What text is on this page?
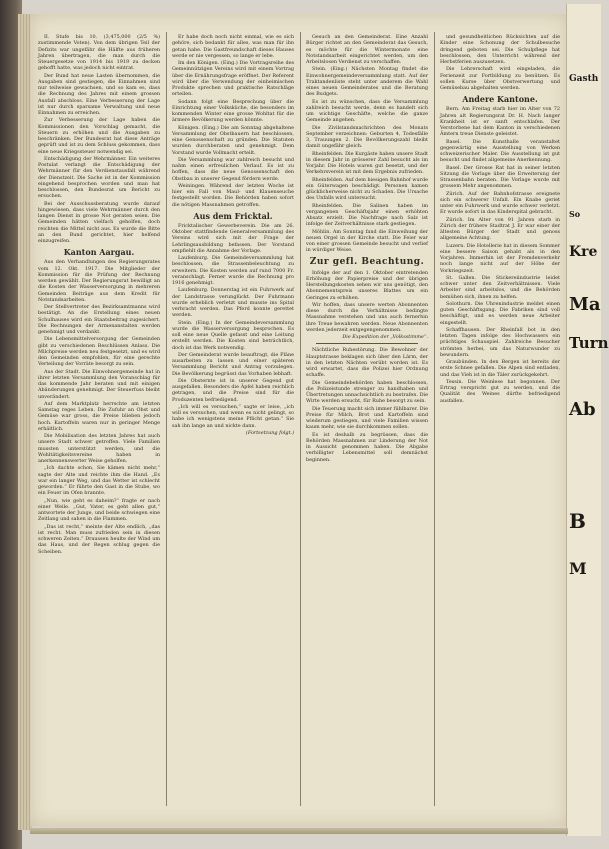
II. Stufe bis 10. (3,475,000 (2/5 %) zustimmende Voten). Von dem übrigen Teil der Defizits war ungefähr die Hälfte aus früheren Jahren übertragen, die man durch die Steuergesetze von 1914 bis 1919 zu decken gehofft hatte, was jedoch nicht eintrat.

Der Bund hat neue Lasten übernommen, die Ausgaben sind gestiegen, die Einnahmen sind nur teilweise gewachsen, und so kam es, dass die Rechnung des Jahres mit einem grossen Ausfall abschloss. Eine Verbesserung der Lage ist nur durch sparsame Verwaltung und neue Einnahmen zu erreichen.

Zur Verbesserung der Lage haben die Kommissionen den Vorschlag gemacht, die Steuern zu erhöhen und die Ausgaben zu beschränken. Der Bundesrat hat diese Anträge geprüft und ist zu dem Schluss gekommen, dass eine neue Kriegssteuer notwendig sei.

Entschädigung der Wehrmänner. Ein weiteres Postulat verlangt die Entschädigung der Wehrmänner für den Verdienstausfall während der Dienstzeit. Die Sache ist in der Kommission eingehend besprochen worden und man hat beschlossen, den Bundesrat um Bericht zu ersuchen.

Bei der Ausschussberatung wurde darauf hingewiesen, dass viele Wehrmänner durch den langen Dienst in grosse Not geraten seien. Die Gemeinden hätten vielfach geholfen, doch reichten die Mittel nicht aus. Es wurde die Bitte an den Bund gerichtet, hier helfend einzugreifen.

Kanton Aargau.

Aus den Verhandlungen des Regierungsrates vom 12. Okt. 1917. Die Mitglieder der Kommission für die Prüfung der Rechnung werden gewählt. Der Regierungsrat bewilligt an die Kosten der Wasserversorgung in mehreren Gemeinden Beiträge aus dem Kredit für Notstandsarbeiten.

Der Stellvertreter des Bezirksamtmanns wird bestätigt. An die Erstellung eines neuen Schulhauses wird ein Staatsbeitrag zugesichert. Die Rechnungen der Armenanstalten werden genehmigt und verdankt.

Die Lebensmittelversorgung der Gemeinden gibt zu verschiedenen Beschlüssen Anlass. Die Milchpreise werden neu festgesetzt, und es wird den Gemeinden empfohlen, für eine gerechte Verteilung der Vorräte besorgt zu sein.

Aus der Stadt. Die Einwohnergemeinde hat in ihrer letzten Versammlung den Voranschlag für das kommende Jahr beraten und mit einigen Abänderungen genehmigt. Der Steuerfuss bleibt unverändert.

Auf dem Marktplatz herrschte am letzten Samstag reges Leben. Die Zufuhr an Obst und Gemüse war gross, die Preise blieben jedoch hoch. Kartoffeln waren nur in geringer Menge erhältlich.

Die Mobilisation des letzten Jahres hat auch unsere Stadt schwer getroffen. Viele Familien mussten unterstützt werden, und die Wohltätigkeitsvereine haben in anerkennenswerter Weise geholfen.

„Ich dachte schon, Sie kämen nicht mehr,“ sagte der Alte und reichte ihm die Hand. „Es war ein langer Weg, und das Wetter ist schlecht geworden.“ Er führte den Gast in die Stube, wo ein Feuer im Ofen brannte.

„Nun, wie geht es daheim?“ fragte er nach einer Weile. „Gut, Vater, es geht allen gut,“ antwortete der Junge, und beide schwiegen eine Zeitlang und sahen in die Flammen.

„Das ist recht,“ meinte der Alte endlich, „das ist recht. Man muss zufrieden sein in diesen schweren Zeiten.“ Draussen heulte der Wind um das Haus, und der Regen schlug gegen die Scheiben.

Er habe doch noch nicht einmal, wie es sich gehöre, sich bedankt für alles, was man für ihn getan habe. Die Gastfreundschaft dieses Hauses werde er nie vergessen, so lange er lebe.

Im den Königen. (Eing.) Die Vortragsreihe des Gemeinnützigen Vereins wird mit einem Vortrag über die Ernährungsfrage eröffnet. Der Referent wird über die Verwendung der einheimischen Produkte sprechen und praktische Ratschläge erteilen.

Sodann folgt eine Besprechung über die Einrichtung einer Volksküche, die besonders im kommenden Winter eine grosse Wohltat für die ärmere Bevölkerung werden könnte.

Königen. (Eing.) Die am Sonntag abgehaltene Versammlung der Obstbauern hat beschlossen, eine Genossenschaft zu gründen. Die Statuten wurden durchberaten und genehmigt. Dem Vorstand wurde Vollmacht erteilt.

Die Versammlung war zahlreich besucht und nahm einen erfreulichen Verlauf. Es ist zu hoffen, dass die neue Genossenschaft den Obstbau in unserer Gegend fördern werde.

Weiningen. Während der letzten Woche ist hier ein Fall von Maul- und Klauenseuche festgestellt worden. Die Behörden haben sofort die nötigen Massnahmen getroffen.

Aus dem Fricktal.

Fricktalischer Gewerbeverein. Die am 26. Oktober stattfindende Generalversammlung des Vereins wird sich mit der Frage der Lehrlingsausbildung befassen. Der Vorstand empfiehlt die Annahme der Vorlage.

Laufenburg. Die Gemeindeversammlung hat beschlossen, die Strassenbeleuchtung zu erweitern. Die Kosten werden auf rund 7000 Fr. veranschlagt. Ferner wurde die Rechnung pro 1916 genehmigt.

Laufenburg. Donnerstag ist ein Fuhrwerk auf der Landstrasse verunglückt. Der Fuhrmann wurde erheblich verletzt und musste ins Spital verbracht werden. Das Pferd konnte gerettet werden.

Stein. (Eing.) In der Gemeindeversammlung wurde die Wasserversorgung besprochen. Es soll eine neue Quelle gefasst und eine Leitung erstellt werden. Die Kosten sind beträchtlich, doch ist das Werk notwendig.

Der Gemeinderat wurde beauftragt, die Pläne ausarbeiten zu lassen und einer späteren Versammlung Bericht und Antrag vorzulegen. Die Bevölkerung begrüsst das Vorhaben lebhaft.

Die Obsternte ist in unserer Gegend gut ausgefallen. Besonders die Äpfel haben reichlich getragen, und die Preise sind für die Produzenten befriedigend.

„Ich will es versuchen,“ sagte er leise, „ich will es versuchen, und wenn es nicht gelingt, so habe ich wenigstens meine Pflicht getan.“ Sie sah ihn lange an und nickte dann.

(Fortsetzung folgt.)

Gesuch an den Gemeinderat. Eine Anzahl Bürger richtet an den Gemeinderat das Gesuch, es möchte für die Wintermonate eine Notstandsarbeit eingerichtet werden, um den Arbeitslosen Verdienst zu verschaffen.

Stein. (Eing.) Nächsten Montag findet die Einwohnergemeindeversammlung statt. Auf der Traktandenliste steht unter anderem die Wahl eines neuen Gemeinderates und die Beratung des Budgets.

Es ist zu wünschen, dass die Versammlung zahlreich besucht werde, denn es handelt sich um wichtige Geschäfte, welche die ganze Gemeinde angehen.

Die Zivilstandsnachrichten des Monats September verzeichnen: Geburten 4, Todesfälle 3, Trauungen 2. Die Bevölkerungszahl bleibt damit ungefähr gleich.

Rheinfelden. Die Kurgäste haben unsere Stadt in diesem Jahr in grösserer Zahl besucht als im Vorjahr. Die Hotels waren gut besetzt, und der Verkehrsverein ist mit dem Ergebnis zufrieden.

Rheinfelden. Auf dem hiesigen Bahnhof wurde ein Güterwagen beschädigt. Personen kamen glücklicherweise nicht zu Schaden. Die Ursache des Unfalls wird untersucht.

Rheinfelden. Die Salinen haben im vergangenen Geschäftsjahr einen erhöhten Absatz erzielt. Die Nachfrage nach Salz ist infolge der Zeitverhältnisse stark gestiegen.

Möhlin. Am Sonntag fand die Einweihung der neuen Orgel in der Kirche statt. Die Feier war von einer grossen Gemeinde besucht und verlief in würdiger Weise.

Zur gefl. Beachtung.

Infolge der auf den 1. Oktober eintretenden Erhöhung der Papierpreise und der übrigen Herstellungskosten sehen wir uns genötigt, den Abonnementspreis unseres Blattes um ein Geringes zu erhöhen.

Wir hoffen, dass unsere werten Abonnenten diese durch die Verhältnisse bedingte Massnahme verstehen und uns auch fernerhin ihre Treue bewahren werden. Neue Abonnenten werden jederzeit entgegengenommen.

Die Expedition der „Volksstimme“.

Nächtliche Ruhestörung. Die Bewohner der Hauptstrasse beklagen sich über den Lärm, der in den letzten Nächten verübt worden ist. Es wird erwartet, dass die Polizei hier Ordnung schaffe.

Die Gemeindebehörden haben beschlossen, die Polizeistunde strenger zu handhaben und Übertretungen unnachsichtlich zu bestrafen. Die Wirte werden ersucht, für Ruhe besorgt zu sein.

Die Teuerung macht sich immer fühlbarer. Die Preise für Milch, Brot und Kartoffeln sind wiederum gestiegen, und viele Familien wissen kaum mehr, wie sie durchkommen sollen.

Es ist deshalb zu begrüssen, dass die Behörden Massnahmen zur Linderung der Not in Aussicht genommen haben. Die Abgabe verbilligter Lebensmittel soll demnächst beginnen.

und gesundheitlichen Rücksichten auf die Kinder eine Schonung der Schulbesuche dringend geboten sei. Die Schulpflege hat beschlossen, den Unterricht während der Herbstferien auszusetzen.

Die Lehrerschaft wird eingeladen, die Ferienzeit zur Fortbildung zu benützen. Es sollen Kurse über Obstverwertung und Gemüsebau abgehalten werden.

Andere Kantone.

Bern. Am Freitag starb hier im Alter von 72 Jahren alt Regierungsrat Dr. H. Nach langer Krankheit ist er sanft entschlafen. Der Verstorbene hat dem Kanton in verschiedenen Ämtern treue Dienste geleistet.

Basel. Die Kunsthalle veranstaltet gegenwärtig eine Ausstellung von Werken schweizerischer Maler. Die Ausstellung ist gut besucht und findet allgemeine Anerkennung.

Basel. Der Grosse Rat hat in seiner letzten Sitzung die Vorlage über die Erweiterung der Strassenbahn beraten. Die Vorlage wurde mit grossem Mehr angenommen.

Zürich. Auf der Bahnhofstrasse ereignete sich ein schwerer Unfall. Ein Knabe geriet unter ein Fuhrwerk und wurde schwer verletzt. Er wurde sofort in das Kinderspital gebracht.

Zürich. Im Alter von 91 Jahren starb in Zürich der frühere Stadtrat J. Er war einer der ältesten Bürger der Stadt und genoss allgemeine Achtung.

Luzern. Die Hotellerie hat in diesem Sommer eine bessere Saison gehabt als in den Vorjahren. Immerhin ist der Fremdenverkehr noch lange nicht auf der Höhe der Vorkriegszeit.

St. Gallen. Die Stickereiindustrie leidet schwer unter den Zeitverhältnissen. Viele Arbeiter sind arbeitslos, und die Behörden bemühen sich, ihnen zu helfen.

Solothurn. Die Uhrenindustrie meldet einen guten Geschäftsgang. Die Fabriken sind voll beschäftigt, und es werden neue Arbeiter eingestellt.

Schaffhausen. Der Rheinfall bot in den letzten Tagen infolge des Hochwassers ein prächtiges Schauspiel. Zahlreiche Besucher strömten herbei, um das Naturwunder zu bewundern.

Graubünden. In den Bergen ist bereits der erste Schnee gefallen. Die Alpen sind entladen, und das Vieh ist in die Täler zurückgekehrt.

Tessin. Die Weinlese hat begonnen. Der Ertrag verspricht gut zu werden, und die Qualität des Weines dürfte befriedigend ausfallen.

Gasth
So
Kre
Ma
Turn
Ab
B
M
